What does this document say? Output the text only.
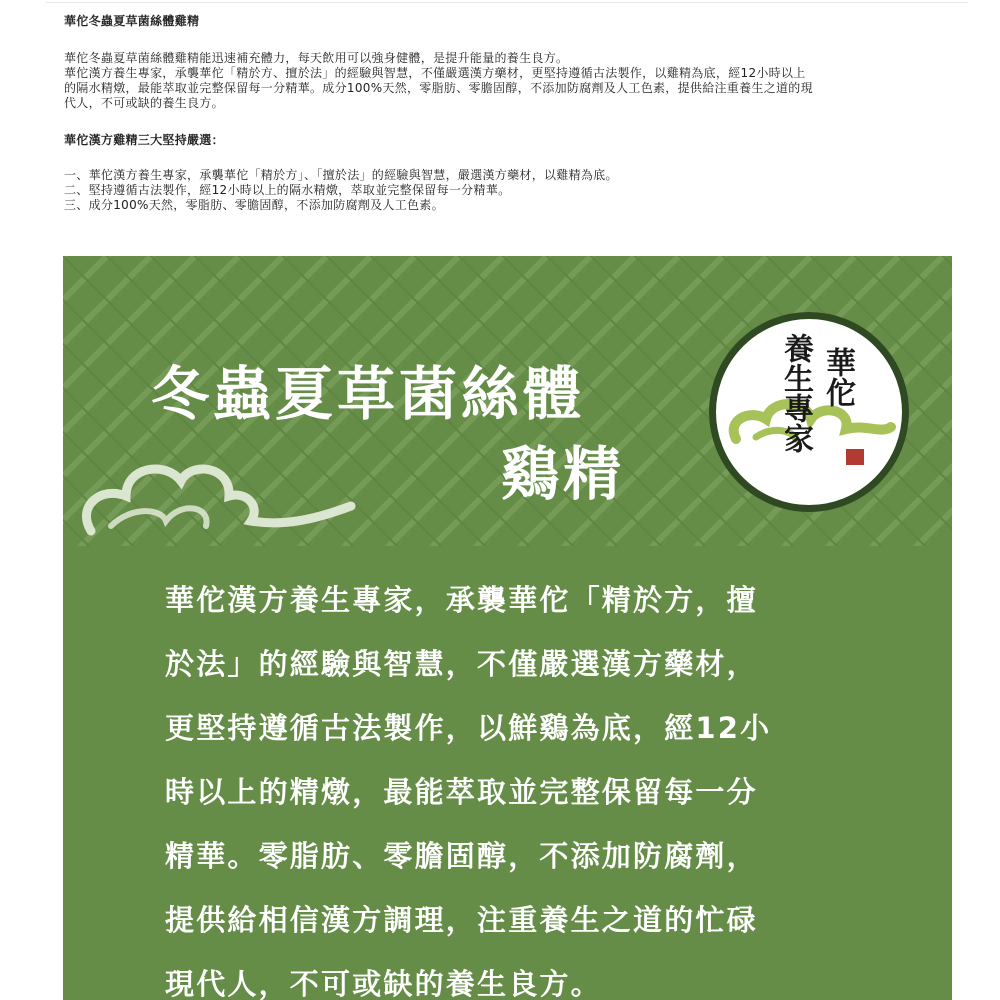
華佗冬蟲夏草菌絲體雞精

華佗冬蟲夏草菌絲體雞精能迅速補充體力，每天飲用可以強身健體，是提升能量的養生良方。

華佗漢方養生專家，承襲華佗「精於方、擅於法」的經驗與智慧，不僅嚴選漢方藥材，更堅持遵循古法製作，以雞精為底，經12小時以上

的隔水精燉，最能萃取並完整保留每一分精華。成分100%天然，零脂肪、零膽固醇，不添加防腐劑及人工色素，提供給注重養生之道的現

代人，不可或缺的養生良方。

華佗漢方雞精三大堅持嚴選：

一、華佗漢方養生專家，承襲華佗「精於方」、「擅於法」的經驗與智慧，嚴選漢方藥材，以雞精為底。

二、堅持遵循古法製作，經12小時以上的隔水精燉，萃取並完整保留每一分精華。

三、成分100%天然，零脂肪、零膽固醇，不添加防腐劑及人工色素。

冬蟲夏草菌絲體
鷄精
華佗
養生專家

華佗漢方養生專家，承襲華佗「精於方，擅

於法」的經驗與智慧，不僅嚴選漢方藥材，

更堅持遵循古法製作，以鮮鷄為底，經12小

時以上的精燉，最能萃取並完整保留每一分

精華。零脂肪、零膽固醇，不添加防腐劑，

提供給相信漢方調理，注重養生之道的忙碌

現代人，不可或缺的養生良方。
